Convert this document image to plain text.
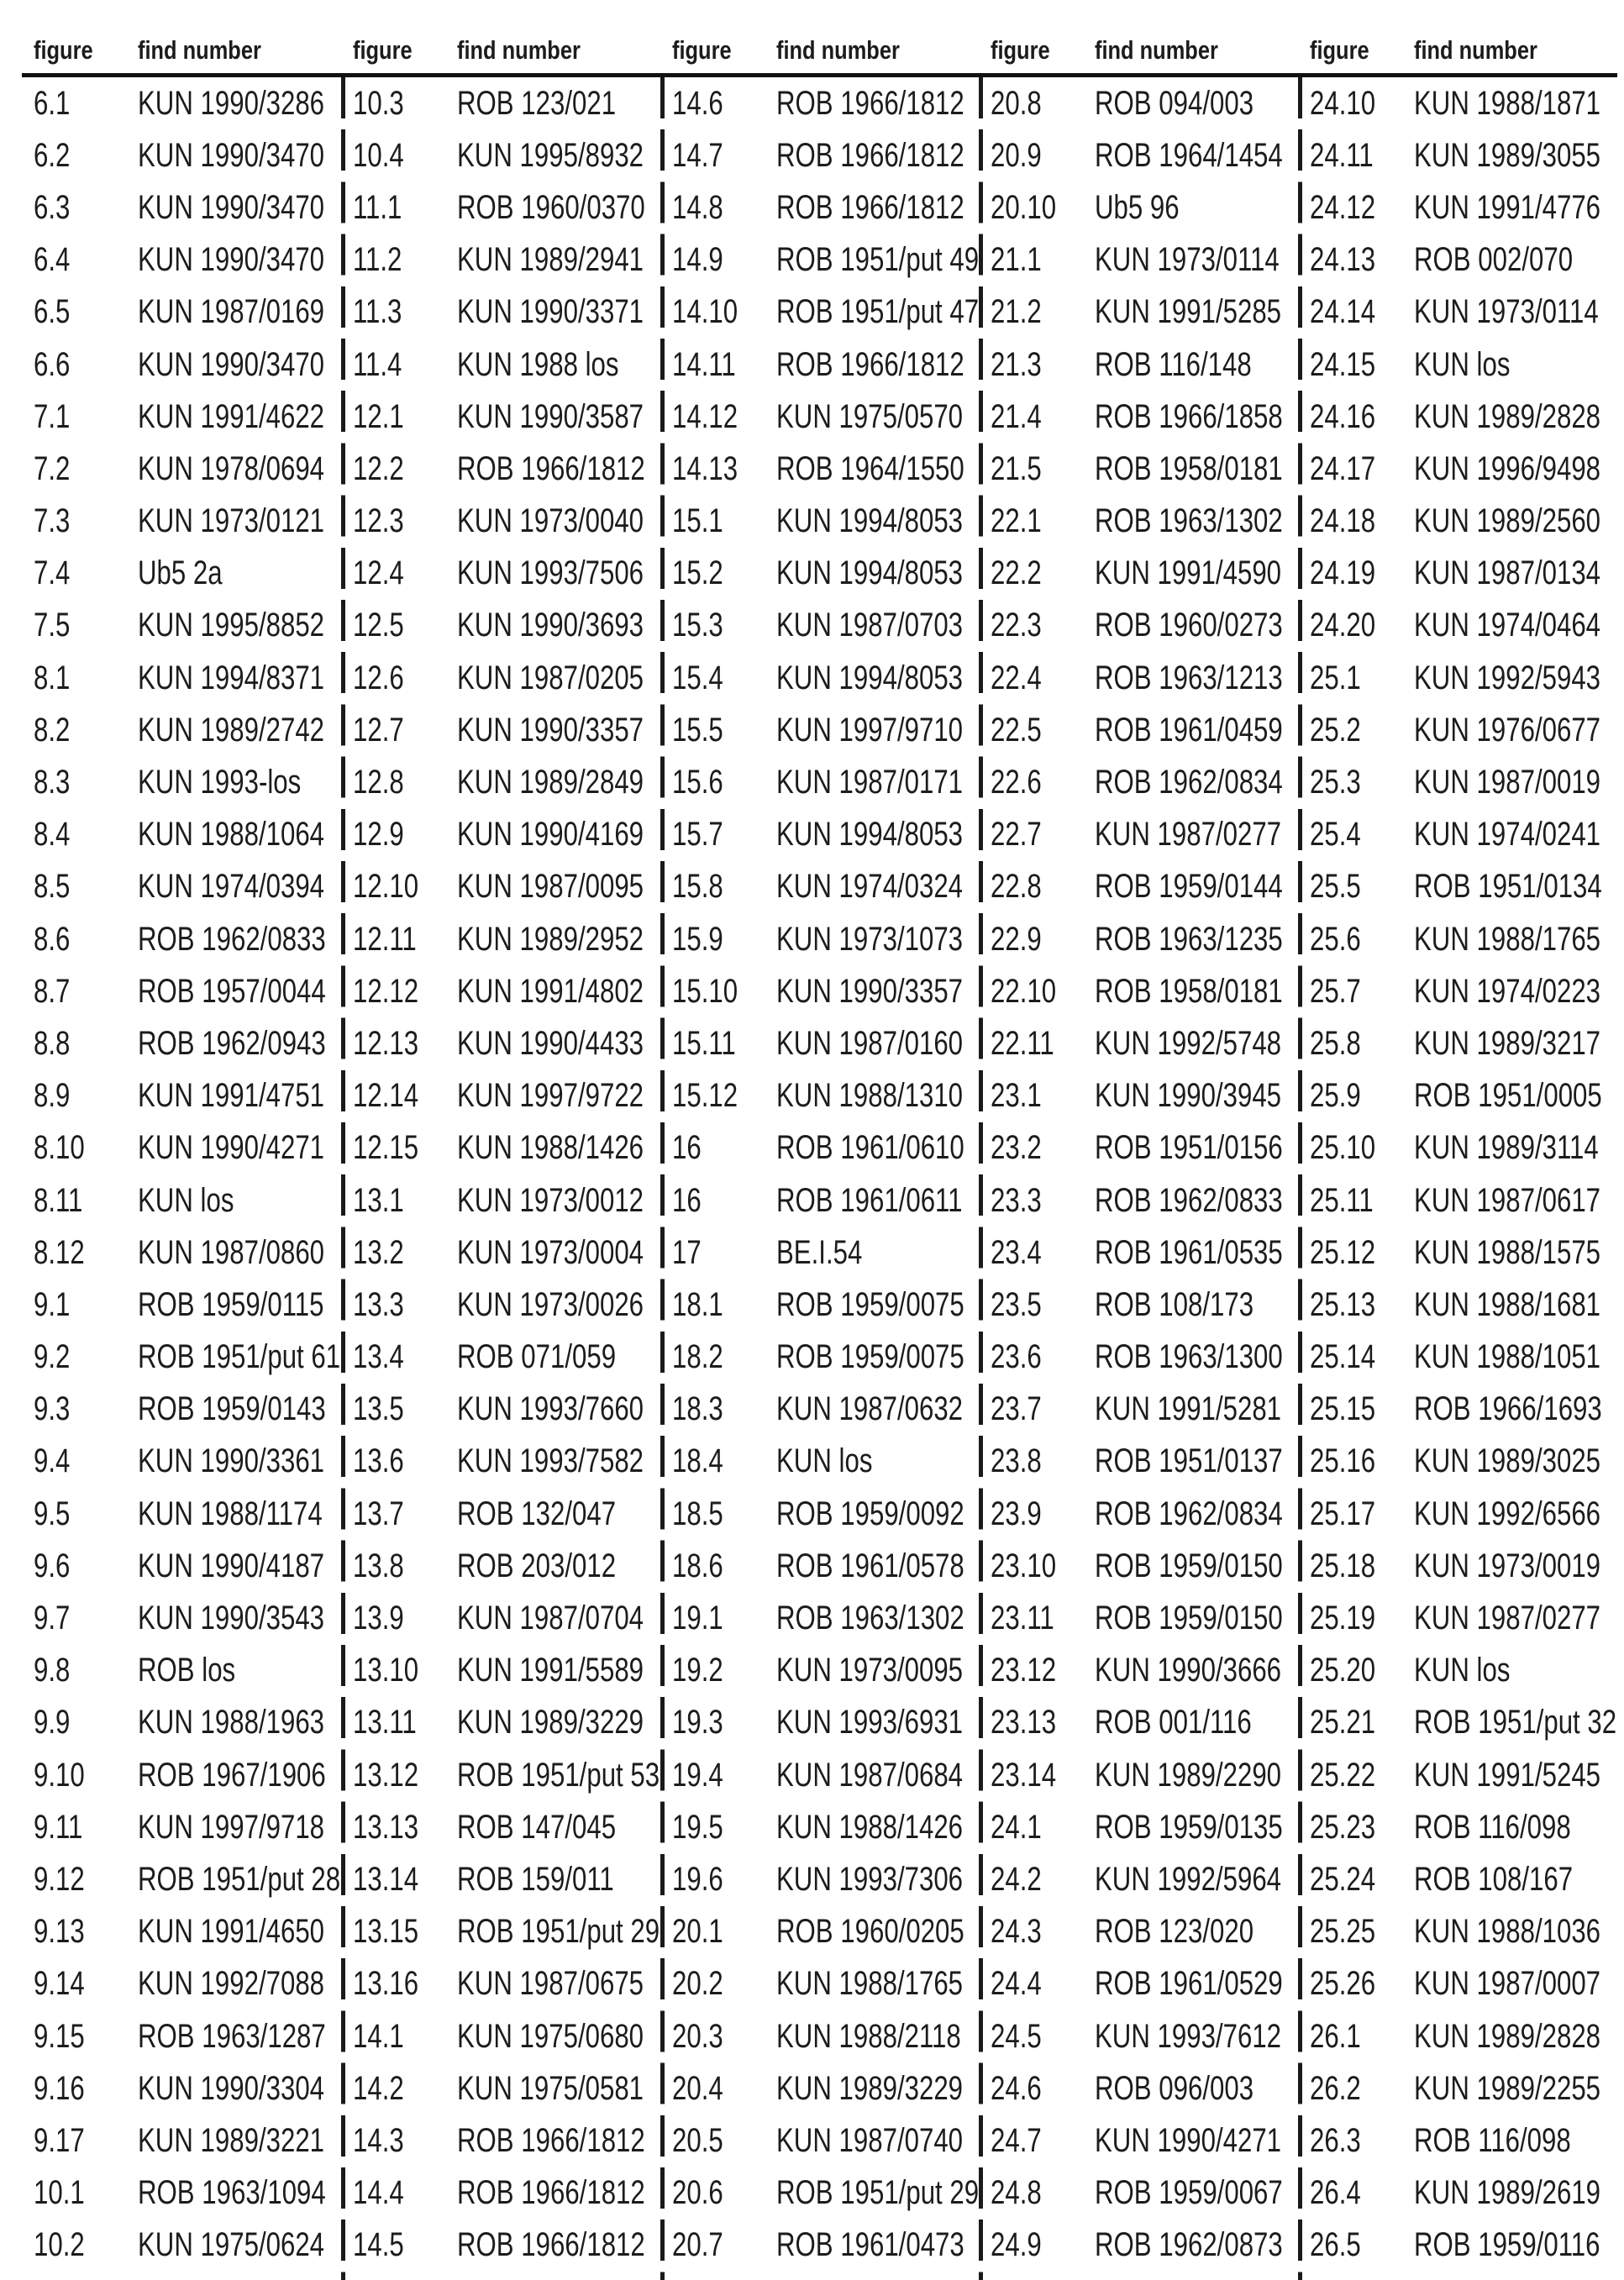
figure	find number
6.1	KUN 1990/3286
6.2	KUN 1990/3470
6.3	KUN 1990/3470
6.4	KUN 1990/3470
6.5	KUN 1987/0169
6.6	KUN 1990/3470
7.1	KUN 1991/4622
7.2	KUN 1978/0694
7.3	KUN 1973/0121
7.4	Ub5 2a
7.5	KUN 1995/8852
8.1	KUN 1994/8371
8.2	KUN 1989/2742
8.3	KUN 1993-los
8.4	KUN 1988/1064
8.5	KUN 1974/0394
8.6	ROB 1962/0833
8.7	ROB 1957/0044
8.8	ROB 1962/0943
8.9	KUN 1991/4751
8.10	KUN 1990/4271
8.11	KUN los
8.12	KUN 1987/0860
9.1	ROB 1959/0115
9.2	ROB 1951/put 61
9.3	ROB 1959/0143
9.4	KUN 1990/3361
9.5	KUN 1988/1174
9.6	KUN 1990/4187
9.7	KUN 1990/3543
9.8	ROB los
9.9	KUN 1988/1963
9.10	ROB 1967/1906
9.11	KUN 1997/9718
9.12	ROB 1951/put 28
9.13	KUN 1991/4650
9.14	KUN 1992/7088
9.15	ROB 1963/1287
9.16	KUN 1990/3304
9.17	KUN 1989/3221
10.1	ROB 1963/1094
10.2	KUN 1975/0624
figure	find number
10.3	ROB 123/021
10.4	KUN 1995/8932
11.1	ROB 1960/0370
11.2	KUN 1989/2941
11.3	KUN 1990/3371
11.4	KUN 1988 los
12.1	KUN 1990/3587
12.2	ROB 1966/1812
12.3	KUN 1973/0040
12.4	KUN 1993/7506
12.5	KUN 1990/3693
12.6	KUN 1987/0205
12.7	KUN 1990/3357
12.8	KUN 1989/2849
12.9	KUN 1990/4169
12.10	KUN 1987/0095
12.11	KUN 1989/2952
12.12	KUN 1991/4802
12.13	KUN 1990/4433
12.14	KUN 1997/9722
12.15	KUN 1988/1426
13.1	KUN 1973/0012
13.2	KUN 1973/0004
13.3	KUN 1973/0026
13.4	ROB 071/059
13.5	KUN 1993/7660
13.6	KUN 1993/7582
13.7	ROB 132/047
13.8	ROB 203/012
13.9	KUN 1987/0704
13.10	KUN 1991/5589
13.11	KUN 1989/3229
13.12	ROB 1951/put 53
13.13	ROB 147/045
13.14	ROB 159/011
13.15	ROB 1951/put 29
13.16	KUN 1987/0675
14.1	KUN 1975/0680
14.2	KUN 1975/0581
14.3	ROB 1966/1812
14.4	ROB 1966/1812
14.5	ROB 1966/1812
figure	find number
14.6	ROB 1966/1812
14.7	ROB 1966/1812
14.8	ROB 1966/1812
14.9	ROB 1951/put 49
14.10	ROB 1951/put 47
14.11	ROB 1966/1812
14.12	KUN 1975/0570
14.13	ROB 1964/1550
15.1	KUN 1994/8053
15.2	KUN 1994/8053
15.3	KUN 1987/0703
15.4	KUN 1994/8053
15.5	KUN 1997/9710
15.6	KUN 1987/0171
15.7	KUN 1994/8053
15.8	KUN 1974/0324
15.9	KUN 1973/1073
15.10	KUN 1990/3357
15.11	KUN 1987/0160
15.12	KUN 1988/1310
16	ROB 1961/0610
16	ROB 1961/0611
17	BE.I.54
18.1	ROB 1959/0075
18.2	ROB 1959/0075
18.3	KUN 1987/0632
18.4	KUN los
18.5	ROB 1959/0092
18.6	ROB 1961/0578
19.1	ROB 1963/1302
19.2	KUN 1973/0095
19.3	KUN 1993/6931
19.4	KUN 1987/0684
19.5	KUN 1988/1426
19.6	KUN 1993/7306
20.1	ROB 1960/0205
20.2	KUN 1988/1765
20.3	KUN 1988/2118
20.4	KUN 1989/3229
20.5	KUN 1987/0740
20.6	ROB 1951/put 29
20.7	ROB 1961/0473
figure	find number
20.8	ROB 094/003
20.9	ROB 1964/1454
20.10	Ub5 96
21.1	KUN 1973/0114
21.2	KUN 1991/5285
21.3	ROB 116/148
21.4	ROB 1966/1858
21.5	ROB 1958/0181
22.1	ROB 1963/1302
22.2	KUN 1991/4590
22.3	ROB 1960/0273
22.4	ROB 1963/1213
22.5	ROB 1961/0459
22.6	ROB 1962/0834
22.7	KUN 1987/0277
22.8	ROB 1959/0144
22.9	ROB 1963/1235
22.10	ROB 1958/0181
22.11	KUN 1992/5748
23.1	KUN 1990/3945
23.2	ROB 1951/0156
23.3	ROB 1962/0833
23.4	ROB 1961/0535
23.5	ROB 108/173
23.6	ROB 1963/1300
23.7	KUN 1991/5281
23.8	ROB 1951/0137
23.9	ROB 1962/0834
23.10	ROB 1959/0150
23.11	ROB 1959/0150
23.12	KUN 1990/3666
23.13	ROB 001/116
23.14	KUN 1989/2290
24.1	ROB 1959/0135
24.2	KUN 1992/5964
24.3	ROB 123/020
24.4	ROB 1961/0529
24.5	KUN 1993/7612
24.6	ROB 096/003
24.7	KUN 1990/4271
24.8	ROB 1959/0067
24.9	ROB 1962/0873
figure	find number
24.10	KUN 1988/1871
24.11	KUN 1989/3055
24.12	KUN 1991/4776
24.13	ROB 002/070
24.14	KUN 1973/0114
24.15	KUN los
24.16	KUN 1989/2828
24.17	KUN 1996/9498
24.18	KUN 1989/2560
24.19	KUN 1987/0134
24.20	KUN 1974/0464
25.1	KUN 1992/5943
25.2	KUN 1976/0677
25.3	KUN 1987/0019
25.4	KUN 1974/0241
25.5	ROB 1951/0134
25.6	KUN 1988/1765
25.7	KUN 1974/0223
25.8	KUN 1989/3217
25.9	ROB 1951/0005
25.10	KUN 1989/3114
25.11	KUN 1987/0617
25.12	KUN 1988/1575
25.13	KUN 1988/1681
25.14	KUN 1988/1051
25.15	ROB 1966/1693
25.16	KUN 1989/3025
25.17	KUN 1992/6566
25.18	KUN 1973/0019
25.19	KUN 1987/0277
25.20	KUN los
25.21	ROB 1951/put 32
25.22	KUN 1991/5245
25.23	ROB 116/098
25.24	ROB 108/167
25.25	KUN 1988/1036
25.26	KUN 1987/0007
26.1	KUN 1989/2828
26.2	KUN 1989/2255
26.3	ROB 116/098
26.4	KUN 1989/2619
26.5	ROB 1959/0116
